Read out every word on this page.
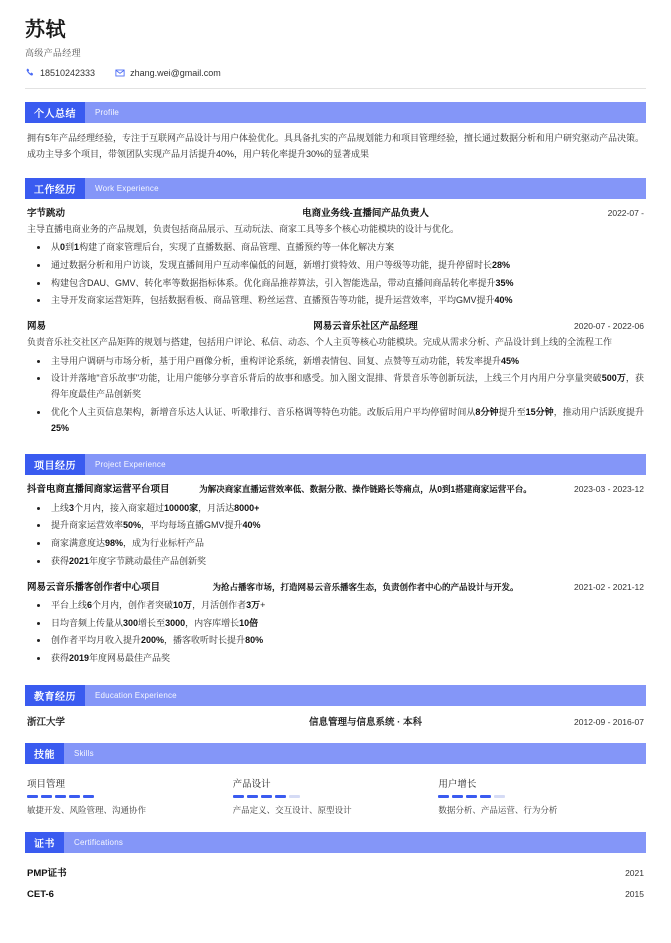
苏轼
高级产品经理
18510242333	zhang.wei@gmail.com
个人总结	Profile
拥有5年产品经理经验，专注于互联网产品设计与用户体验优化。具具备扎实的产品规划能力和项目管理经验，擅长通过数据分析和用户研究驱动产品决策。成功主导多个项目，带领团队实现产品月活提升40%，用户转化率提升30%的显著成果
工作经历	Work Experience
字节跳动	电商业务线-直播间产品负责人	2022-07 -
主导直播电商业务的产品规划，负责包括商品展示、互动玩法、商家工具等多个核心功能模块的设计与优化。
从0到1构建了商家管理后台，实现了直播数据、商品管理、直播预约等一体化解决方案
通过数据分析和用户访谈，发现直播间用户互动率偏低的问题，新增打赏特效、用户等级等功能，提升停留时长28%
构建包含DAU、GMV、转化率等数据指标体系。优化商品推荐算法，引入智能选品，带动直播间商品转化率提升35%
主导开发商家运营矩阵，包括数据看板、商品管理、粉丝运营、直播预告等功能，提升运营效率，平均GMV提升40%
网易	网易云音乐社区产品经理	2020-07 - 2022-06
负责音乐社交社区产品矩阵的规划与搭建，包括用户评论、私信、动态、个人主页等核心功能模块。完成从需求分析、产品设计到上线的全流程工作
主导用户调研与市场分析，基于用户画像分析，重构评论系统，新增表情包、回复、点赞等互动功能，转发率提升45%
设计并落地"音乐故事"功能，让用户能够分享音乐背后的故事和感受。加入图文混排、背景音乐等创新玩法，上线三个月内用户分享量突破500万，获得年度最佳产品创新奖
优化个人主页信息架构，新增音乐达人认证、听歌排行、音乐格调等特色功能。改版后用户平均停留时间从8分钟提升至15分钟，推动用户活跃度提升25%
项目经历	Project Experience
抖音电商直播间商家运营平台项目	为解决商家直播运营效率低、数据分散、操作链路长等痛点，从0到1搭建商家运营平台。	2023-03 - 2023-12
上线3个月内，接入商家超过10000家，月活达8000+
提升商家运营效率50%，平均每场直播GMV提升40%
商家满意度达98%，成为行业标杆产品
获得2021年度字节跳动最佳产品创新奖
网易云音乐播客创作者中心项目	为抢占播客市场，打造网易云音乐播客生态，负责创作者中心的产品设计与开发。	2021-02 - 2021-12
平台上线6个月内，创作者突破10万，月活创作者3万+
日均音频上传量从300增长至3000，内容库增长10倍
创作者平均月收入提升200%，播客收听时长提升80%
获得2019年度网易最佳产品奖
教育经历	Education Experience
浙江大学	信息管理与信息系统 · 本科	2012-09 - 2016-07
技能	Skills
项目管理
敏捷开发、风险管理、沟通协作
产品设计
产品定义、交互设计、原型设计
用户增长
数据分析、产品运营、行为分析
证书	Certifications
PMP证书	2021
CET-6	2015
